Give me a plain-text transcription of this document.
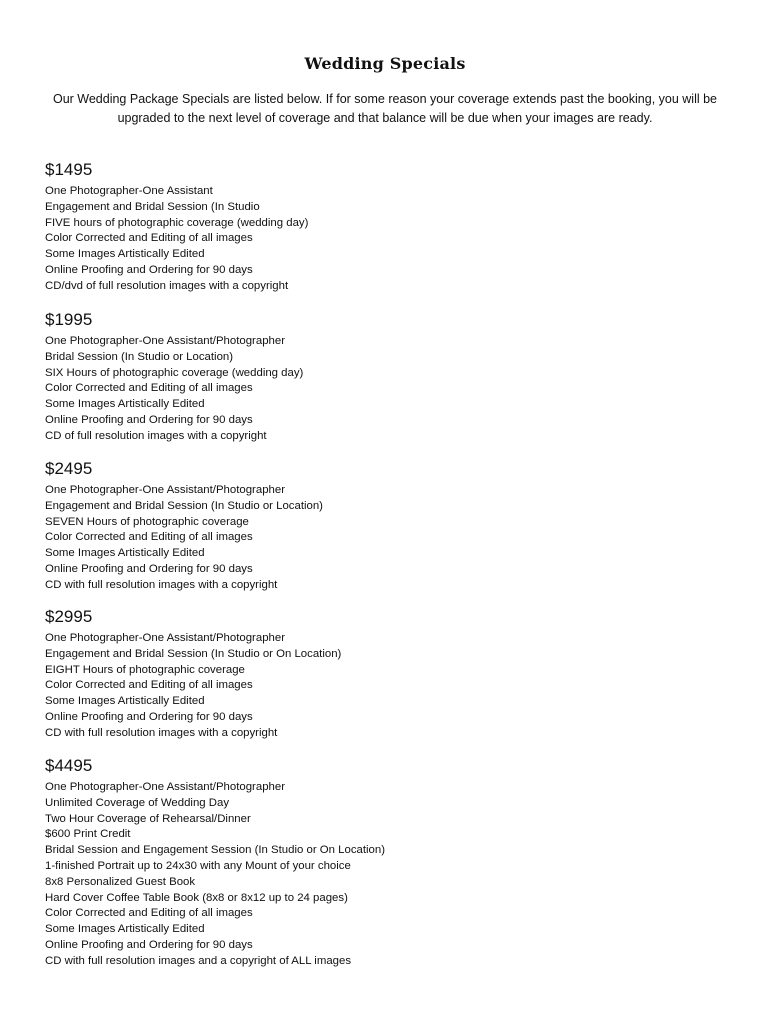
Wedding Specials
Our Wedding Package Specials are listed below. If for some reason your coverage extends past the booking, you will be upgraded to the next level of coverage and that balance will be due when your images are ready.
$1495
One Photographer-One Assistant
Engagement and Bridal Session (In Studio
FIVE hours of photographic coverage (wedding day)
Color Corrected and Editing of all images
Some Images Artistically Edited
Online Proofing and Ordering for 90 days
CD/dvd of full resolution images with a copyright
$1995
One Photographer-One Assistant/Photographer
Bridal Session (In Studio or Location)
SIX Hours of photographic coverage (wedding day)
Color Corrected and Editing of all images
Some Images Artistically Edited
Online Proofing and Ordering for 90 days
CD of full resolution images with a copyright
$2495
One Photographer-One Assistant/Photographer
Engagement and Bridal Session (In Studio or Location)
SEVEN Hours of photographic coverage
Color Corrected and Editing of all images
Some Images Artistically Edited
Online Proofing and Ordering for 90 days
CD with full resolution images with a copyright
$2995
One Photographer-One Assistant/Photographer
Engagement and Bridal Session (In Studio or On Location)
EIGHT Hours of photographic coverage
Color Corrected and Editing of all images
Some Images Artistically Edited
Online Proofing and Ordering for 90 days
CD with full resolution images with a copyright
$4495
One Photographer-One Assistant/Photographer
Unlimited Coverage of Wedding Day
Two Hour Coverage of Rehearsal/Dinner
$600 Print Credit
Bridal Session and Engagement Session (In Studio or On Location)
1-finished Portrait up to 24x30 with any Mount of your choice
8x8 Personalized Guest Book
Hard Cover Coffee Table Book (8x8 or 8x12 up to 24 pages)
Color Corrected and Editing of all images
Some Images Artistically Edited
Online Proofing and Ordering for 90 days
CD with full resolution images and a copyright of ALL images
